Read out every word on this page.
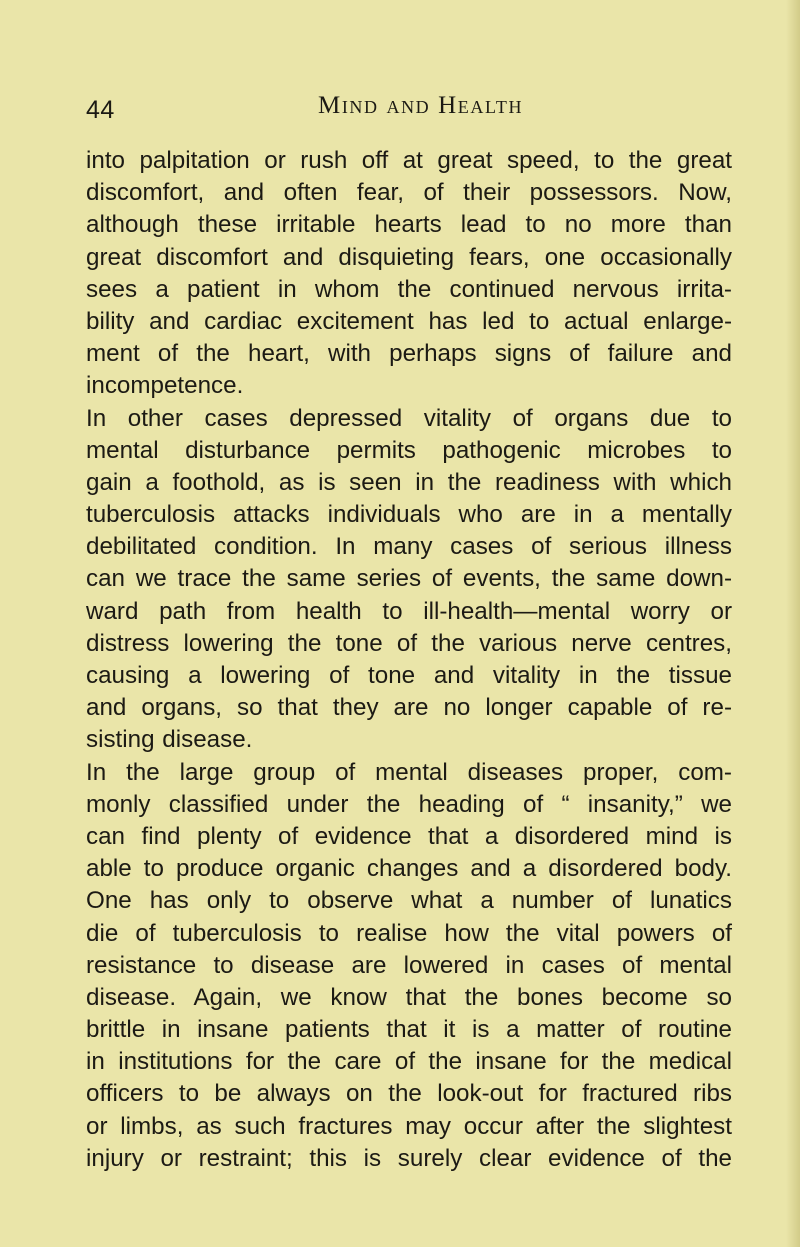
44	Mind and Health
into palpitation or rush off at great speed, to the great
discomfort, and often fear, of their possessors. Now,
although these irritable hearts lead to no more than
great discomfort and disquieting fears, one occasionally
sees a patient in whom the continued nervous irrita-
bility and cardiac excitement has led to actual enlarge-
ment of the heart, with perhaps signs of failure and
incompetence.
In other cases depressed vitality of organs due to
mental disturbance permits pathogenic microbes to
gain a foothold, as is seen in the readiness with which
tuberculosis attacks individuals who are in a mentally
debilitated condition. In many cases of serious illness
can we trace the same series of events, the same down-
ward path from health to ill-health—mental worry or
distress lowering the tone of the various nerve centres,
causing a lowering of tone and vitality in the tissue
and organs, so that they are no longer capable of re-
sisting disease.
In the large group of mental diseases proper, com-
monly classified under the heading of “ insanity,” we
can find plenty of evidence that a disordered mind is
able to produce organic changes and a disordered body.
One has only to observe what a number of lunatics
die of tuberculosis to realise how the vital powers of
resistance to disease are lowered in cases of mental
disease. Again, we know that the bones become so
brittle in insane patients that it is a matter of routine
in institutions for the care of the insane for the medical
officers to be always on the look-out for fractured ribs
or limbs, as such fractures may occur after the slightest
injury or restraint; this is surely clear evidence of the
